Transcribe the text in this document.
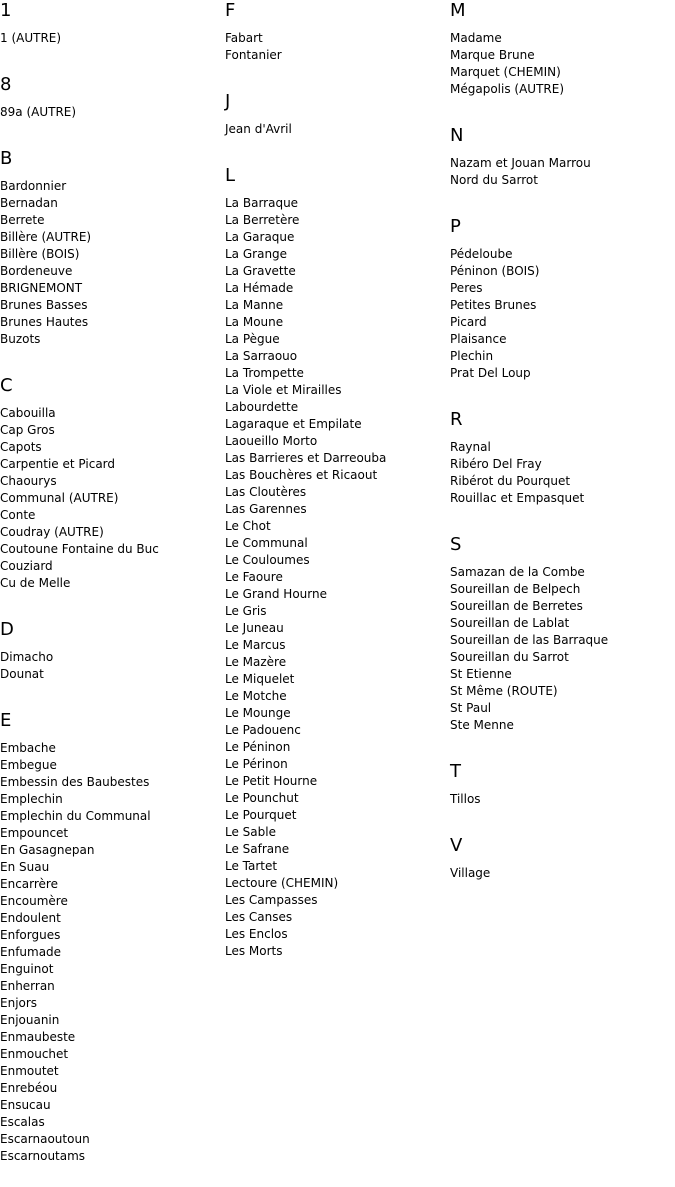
1
1 (AUTRE)
8
89a (AUTRE)
B
Bardonnier
Bernadan
Berrete
Billère (AUTRE)
Billère (BOIS)
Bordeneuve
BRIGNEMONT
Brunes Basses
Brunes Hautes
Buzots
C
Cabouilla
Cap Gros
Capots
Carpentie et Picard
Chaourys
Communal (AUTRE)
Conte
Coudray (AUTRE)
Coutoune Fontaine du Buc
Couziard
Cu de Melle
D
Dimacho
Dounat
E
Embache
Embegue
Embessin des Baubestes
Emplechin
Emplechin du Communal
Empouncet
En Gasagnepan
En Suau
Encarrère
Encoumère
Endoulent
Enforgues
Enfumade
Enguinot
Enherran
Enjors
Enjouanin
Enmaubeste
Enmouchet
Enmoutet
Enrebéou
Ensucau
Escalas
Escarnaoutoun
Escarnoutams
F
Fabart
Fontanier
J
Jean d'Avril
L
La Barraque
La Berretère
La Garaque
La Grange
La Gravette
La Hémade
La Manne
La Moune
La Pègue
La Sarraouo
La Trompette
La Viole et Mirailles
Labourdette
Lagaraque et Empilate
Laoueillo Morto
Las Barrieres et Darreouba
Las Bouchères et Ricaout
Las Cloutères
Las Garennes
Le Chot
Le Communal
Le Couloumes
Le Faoure
Le Grand Hourne
Le Gris
Le Juneau
Le Marcus
Le Mazère
Le Miquelet
Le Motche
Le Mounge
Le Padouenc
Le Péninon
Le Périnon
Le Petit Hourne
Le Pounchut
Le Pourquet
Le Sable
Le Safrane
Le Tartet
Lectoure (CHEMIN)
Les Campasses
Les Canses
Les Enclos
Les Morts
M
Madame
Marque Brune
Marquet (CHEMIN)
Mégapolis (AUTRE)
N
Nazam et Jouan Marrou
Nord du Sarrot
P
Pédeloube
Péninon (BOIS)
Peres
Petites Brunes
Picard
Plaisance
Plechin
Prat Del Loup
R
Raynal
Ribéro Del Fray
Ribérot du Pourquet
Rouillac et Empasquet
S
Samazan de la Combe
Soureillan de Belpech
Soureillan de Berretes
Soureillan de Lablat
Soureillan de las Barraque
Soureillan du Sarrot
St Etienne
St Même (ROUTE)
St Paul
Ste Menne
T
Tillos
V
Village
